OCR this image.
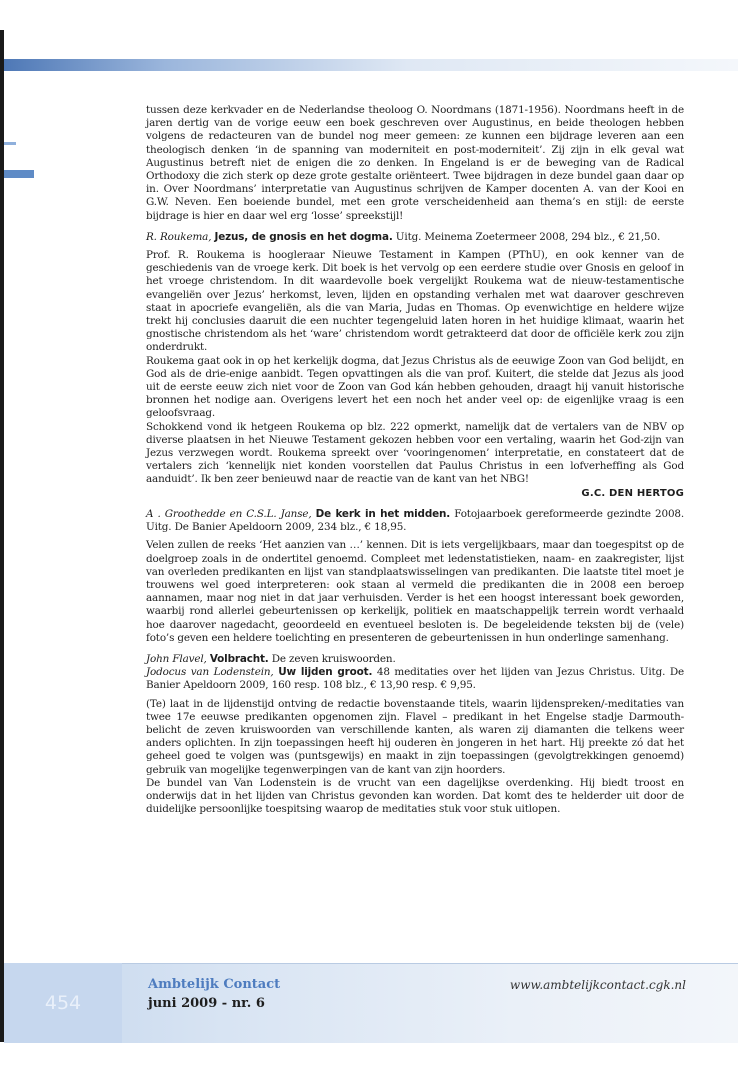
tussen deze kerkvader en de Nederlandse theoloog O. Noordmans (1871-1956). Noordmans heeft in de jaren dertig van de vorige eeuw een boek geschreven over Augustinus, en beide theologen hebben volgens de redacteuren van de bundel nog meer gemeen: ze kunnen een bijdrage leveren aan een theologisch denken ‘in de spanning van moderniteit en post-moderniteit’. Zij zijn in elk geval wat Augustinus betreft niet de enigen die zo denken. In Engeland is er de beweging van de Radical Orthodoxy die zich sterk op deze grote gestalte oriënteert. Twee bijdragen in deze bundel gaan daar op in. Over Noordmans’ interpretatie van Augustinus schrijven de Kamper docenten A. van der Kooi en G.W. Neven. Een boeiende bundel, met een grote verscheidenheid aan thema’s en stijl: de eerste bijdrage is hier en daar wel erg ‘losse’ spreekstijl!

R. Roukema, Jezus, de gnosis en het dogma. Uitg. Meinema Zoetermeer 2008, 294 blz., € 21,50.

Prof. R. Roukema is hoogleraar Nieuwe Testament in Kampen (PThU), en ook kenner van de geschiedenis van de vroege kerk. Dit boek is het vervolg op een eerdere studie over Gnosis en geloof in het vroege christendom. In dit waardevolle boek vergelijkt Roukema wat de nieuw-testamentische evangeliën over Jezus’ herkomst, leven, lijden en opstanding verhalen met wat daarover geschreven staat in apocriefe evangeliën, als die van Maria, Judas en Thomas. Op evenwichtige en heldere wijze trekt hij conclusies daaruit die een nuchter tegengeluid laten horen in het huidige klimaat, waarin het gnostische christendom als het ‘ware’ christendom wordt getrakteerd dat door de officiële kerk zou zijn onderdrukt.

Roukema gaat ook in op het kerkelijk dogma, dat Jezus Christus als de eeuwige Zoon van God belijdt, en God als de drie-enige aanbidt. Tegen opvattingen als die van prof. Kuitert, die stelde dat Jezus als jood uit de eerste eeuw zich niet voor de Zoon van God kán hebben gehouden, draagt hij vanuit historische bronnen het nodige aan. Overigens levert het een noch het ander veel op: de eigenlijke vraag is een geloofsvraag.

Schokkend vond ik hetgeen Roukema op blz. 222 opmerkt, namelijk dat de vertalers van de NBV op diverse plaatsen in het Nieuwe Testament gekozen hebben voor een vertaling, waarin het God-zijn van Jezus verzwegen wordt. Roukema spreekt over ‘vooringenomen’ interpretatie, en constateert dat de vertalers zich ‘kennelijk niet konden voorstellen dat Paulus Christus in een lofverheffing als God aanduidt’. Ik ben zeer benieuwd naar de reactie van de kant van het NBG!

G.C. DEN HERTOG

A . Groothedde en C.S.L. Janse, De kerk in het midden. Fotojaarboek gereformeerde gezindte 2008. Uitg. De Banier Apeldoorn 2009, 234 blz., € 18,95.

Velen zullen de reeks ‘Het aanzien van …’ kennen. Dit is iets vergelijkbaars, maar dan toegespitst op de doelgroep zoals in de ondertitel genoemd. Compleet met ledenstatistieken, naam- en zaakregister, lijst van overleden predikanten en lijst van standplaatswisselingen van predikanten. Die laatste titel moet je trouwens wel goed interpreteren: ook staan al vermeld die predikanten die in 2008 een beroep aannamen, maar nog niet in dat jaar verhuisden. Verder is het een hoogst interessant boek geworden, waarbij rond allerlei gebeurtenissen op kerkelijk, politiek en maatschappelijk terrein wordt verhaald hoe daarover nagedacht, geoordeeld en eventueel besloten is. De begeleidende teksten bij de (vele) foto’s geven een heldere toelichting en presenteren de gebeurtenissen in hun onderlinge samenhang.

John Flavel, Volbracht. De zeven kruiswoorden.

Jodocus van Lodenstein, Uw lijden groot. 48 meditaties over het lijden van Jezus Christus. Uitg. De Banier Apeldoorn 2009, 160 resp. 108 blz., € 13,90 resp. € 9,95.

(Te) laat in de lijdenstijd ontving de redactie bovenstaande titels, waarin lijdenspreken/-meditaties van twee 17e eeuwse predikanten opgenomen zijn. Flavel – predikant in het Engelse stadje Darmouth- belicht de zeven kruiswoorden van verschillende kanten, als waren zij diamanten die telkens weer anders oplichten. In zijn toepassingen heeft hij ouderen èn jongeren in het hart. Hij preekte zó dat het geheel goed te volgen was (puntsgewijs) en maakt in zijn toepassingen (gevolgtrekkingen genoemd) gebruik van mogelijke tegenwerpingen van de kant van zijn hoorders.

De bundel van Van Lodenstein is de vrucht van een dagelijkse overdenking. Hij biedt troost en onderwijs dat in het lijden van Christus gevonden kan worden. Dat komt des te helderder uit door de duidelijke persoonlijke toespitsing waarop de meditaties stuk voor stuk uitlopen.

454
Ambtelijk Contact
juni 2009 - nr. 6
www.ambtelijkcontact.cgk.nl
